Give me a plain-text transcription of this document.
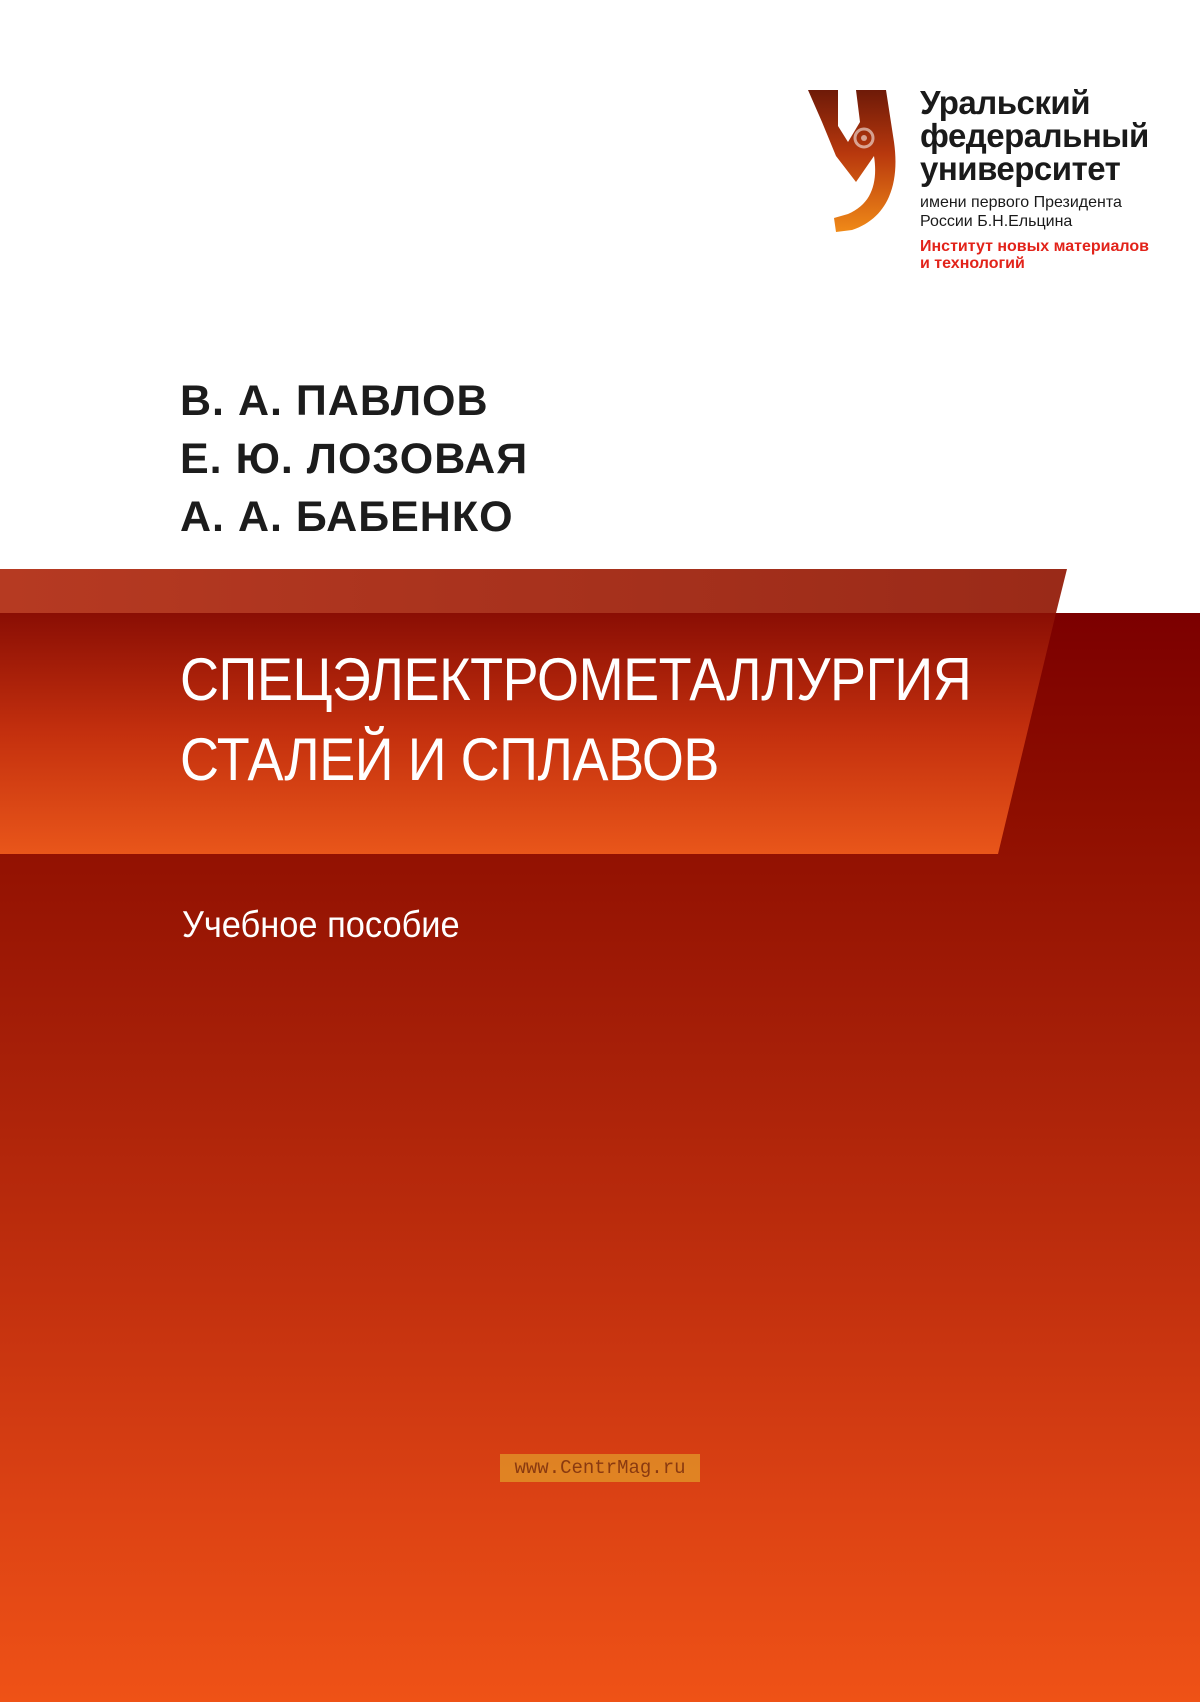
Уральский
федеральный
университет
имени первого Президента
России Б.Н.Ельцина
Институт новых материалов
и технологий
В. А. ПАВЛОВ
Е. Ю. ЛОЗОВАЯ
А. А. БАБЕНКО
СПЕЦЭЛЕКТРОМЕТАЛЛУРГИЯ
СТАЛЕЙ И СПЛАВОВ
Учебное пособие
www.CentrMag.ru
